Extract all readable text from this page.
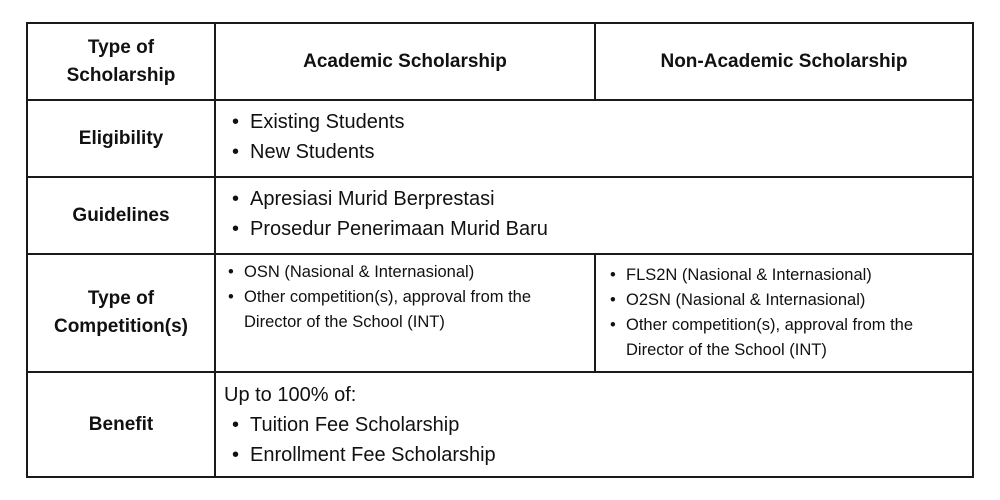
Type of
Scholarship
Academic Scholarship	Non-Academic Scholarship
Eligibility
• Existing Students
• New Students
Guidelines
• Apresiasi Murid Berprestasi
• Prosedur Penerimaan Murid Baru
Type of
Competition(s)
• OSN (Nasional & Internasional)
• Other competition(s), approval from the Director of the School (INT)
• FLS2N (Nasional & Internasional)
• O2SN (Nasional & Internasional)
• Other competition(s), approval from the Director of the School (INT)
Benefit
Up to 100% of:
• Tuition Fee Scholarship
• Enrollment Fee Scholarship
